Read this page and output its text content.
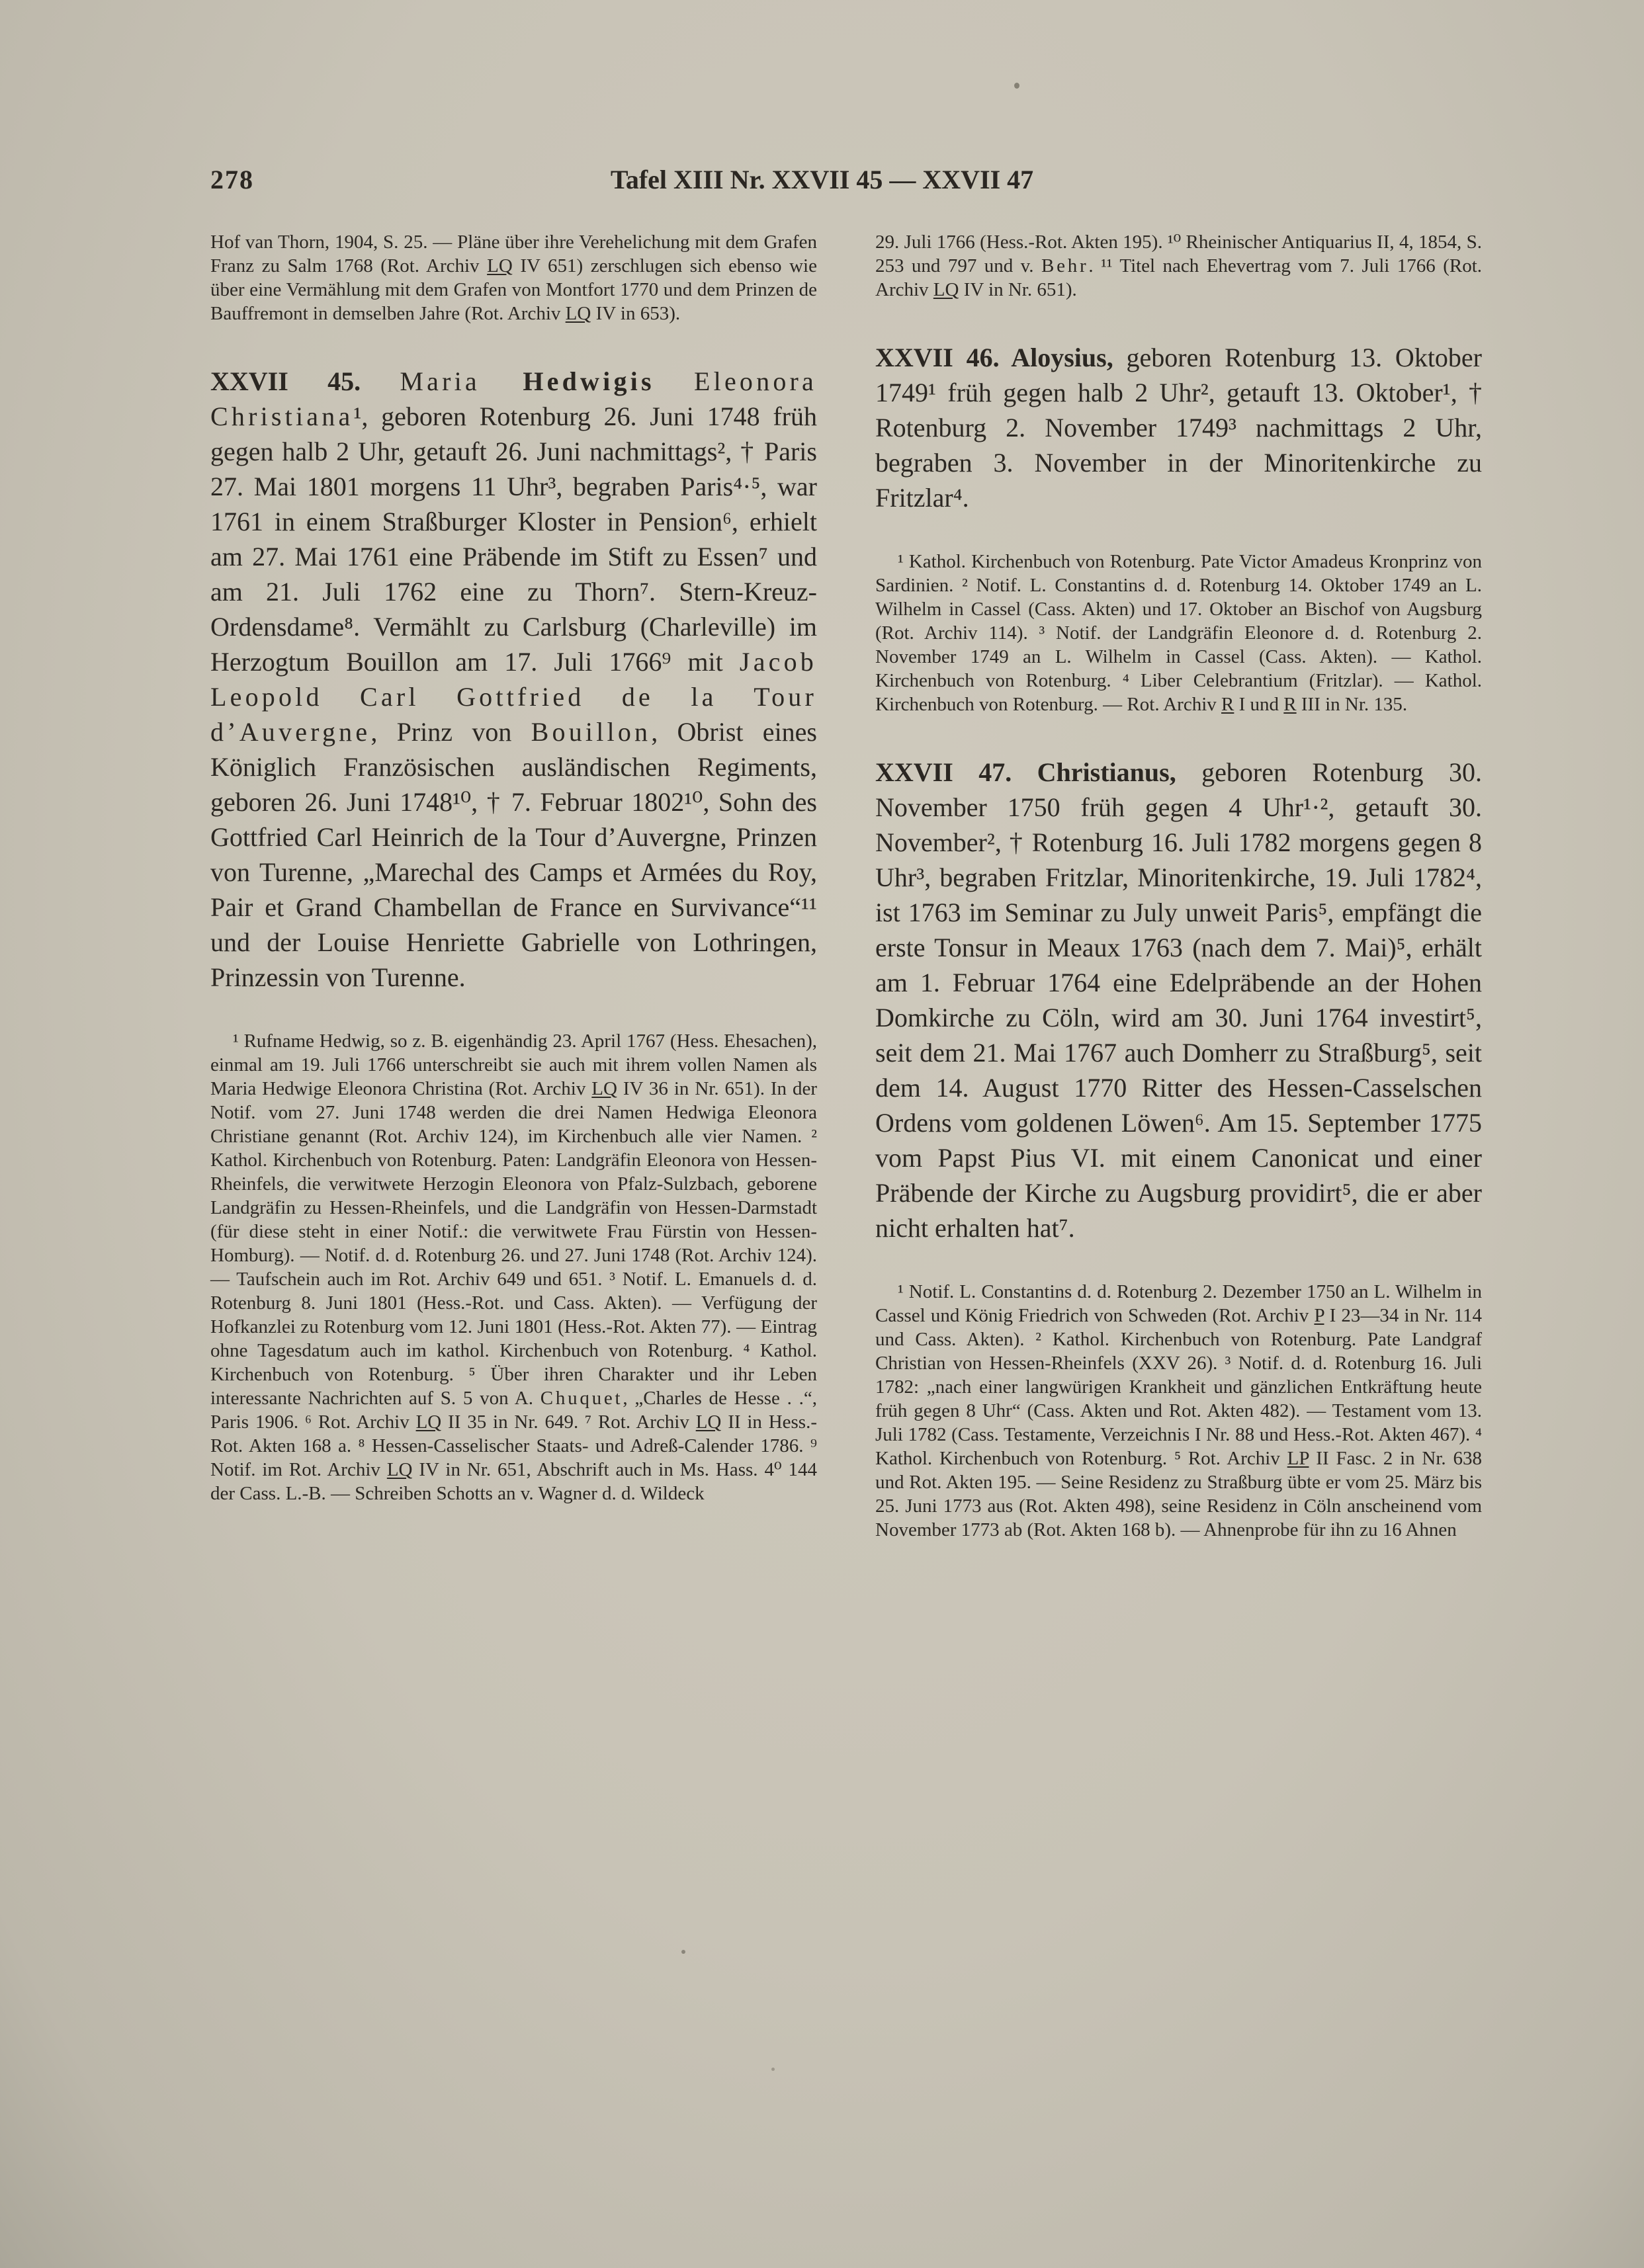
278	Tafel XIII Nr. XXVII 45 — XXVII 47

Hof van Thorn, 1904, S. 25. — Pläne über ihre Verehelichung mit dem Grafen Franz zu Salm 1768 (Rot. Archiv LQ IV 651) zerschlugen sich ebenso wie über eine Vermählung mit dem Grafen von Montfort 1770 und dem Prinzen de Bauffremont in demselben Jahre (Rot. Archiv LQ IV in 653).

XXVII 45. Maria Hedwigis Eleonora Christiana¹, geboren Rotenburg 26. Juni 1748 früh gegen halb 2 Uhr, getauft 26. Juni nachmittags², † Paris 27. Mai 1801 morgens 11 Uhr³, begraben Paris⁴·⁵, war 1761 in einem Straßburger Kloster in Pension⁶, erhielt am 27. Mai 1761 eine Präbende im Stift zu Essen⁷ und am 21. Juli 1762 eine zu Thorn⁷. Stern-Kreuz-Ordensdame⁸. Vermählt zu Carlsburg (Charleville) im Herzogtum Bouillon am 17. Juli 1766⁹ mit Jacob Leopold Carl Gottfried de la Tour d’Auvergne, Prinz von Bouillon, Obrist eines Königlich Französischen ausländischen Regiments, geboren 26. Juni 1748¹⁰, † 7. Februar 1802¹⁰, Sohn des Gottfried Carl Heinrich de la Tour d’Auvergne, Prinzen von Turenne, „Marechal des Camps et Armées du Roy, Pair et Grand Chambellan de France en Survivance“¹¹ und der Louise Henriette Gabrielle von Lothringen, Prinzessin von Turenne.

¹ Rufname Hedwig, so z. B. eigenhändig 23. April 1767 (Hess. Ehesachen), einmal am 19. Juli 1766 unterschreibt sie auch mit ihrem vollen Namen als Maria Hedwige Eleonora Christina (Rot. Archiv LQ IV 36 in Nr. 651). In der Notif. vom 27. Juni 1748 werden die drei Namen Hedwiga Eleonora Christiane genannt (Rot. Archiv 124), im Kirchenbuch alle vier Namen. ² Kathol. Kirchenbuch von Rotenburg. Paten: Landgräfin Eleonora von Hessen-Rheinfels, die verwitwete Herzogin Eleonora von Pfalz-Sulzbach, geborene Landgräfin zu Hessen-Rheinfels, und die Landgräfin von Hessen-Darmstadt (für diese steht in einer Notif.: die verwitwete Frau Fürstin von Hessen-Homburg). — Notif. d. d. Rotenburg 26. und 27. Juni 1748 (Rot. Archiv 124). — Taufschein auch im Rot. Archiv 649 und 651. ³ Notif. L. Emanuels d. d. Rotenburg 8. Juni 1801 (Hess.-Rot. und Cass. Akten). — Verfügung der Hofkanzlei zu Rotenburg vom 12. Juni 1801 (Hess.-Rot. Akten 77). — Eintrag ohne Tagesdatum auch im kathol. Kirchenbuch von Rotenburg. ⁴ Kathol. Kirchenbuch von Rotenburg. ⁵ Über ihren Charakter und ihr Leben interessante Nachrichten auf S. 5 von A. Chuquet, „Charles de Hesse . .“, Paris 1906. ⁶ Rot. Archiv LQ II 35 in Nr. 649. ⁷ Rot. Archiv LQ II in Hess.-Rot. Akten 168 a. ⁸ Hessen-Casselischer Staats- und Adreß-Calender 1786. ⁹ Notif. im Rot. Archiv LQ IV in Nr. 651, Abschrift auch in Ms. Hass. 4⁰ 144 der Cass. L.-B. — Schreiben Schotts an v. Wagner d. d. Wildeck

29. Juli 1766 (Hess.-Rot. Akten 195). ¹⁰ Rheinischer Antiquarius II, 4, 1854, S. 253 und 797 und v. Behr. ¹¹ Titel nach Ehevertrag vom 7. Juli 1766 (Rot. Archiv LQ IV in Nr. 651).

XXVII 46. Aloysius, geboren Rotenburg 13. Oktober 1749¹ früh gegen halb 2 Uhr², getauft 13. Oktober¹, † Rotenburg 2. November 1749³ nachmittags 2 Uhr, begraben 3. November in der Minoritenkirche zu Fritzlar⁴.

¹ Kathol. Kirchenbuch von Rotenburg. Pate Victor Amadeus Kronprinz von Sardinien. ² Notif. L. Constantins d. d. Rotenburg 14. Oktober 1749 an L. Wilhelm in Cassel (Cass. Akten) und 17. Oktober an Bischof von Augsburg (Rot. Archiv 114). ³ Notif. der Landgräfin Eleonore d. d. Rotenburg 2. November 1749 an L. Wilhelm in Cassel (Cass. Akten). — Kathol. Kirchenbuch von Rotenburg. ⁴ Liber Celebrantium (Fritzlar). — Kathol. Kirchenbuch von Rotenburg. — Rot. Archiv R I und R III in Nr. 135.

XXVII 47. Christianus, geboren Rotenburg 30. November 1750 früh gegen 4 Uhr¹·², getauft 30. November², † Rotenburg 16. Juli 1782 morgens gegen 8 Uhr³, begraben Fritzlar, Minoritenkirche, 19. Juli 1782⁴, ist 1763 im Seminar zu July unweit Paris⁵, empfängt die erste Tonsur in Meaux 1763 (nach dem 7. Mai)⁵, erhält am 1. Februar 1764 eine Edelpräbende an der Hohen Domkirche zu Cöln, wird am 30. Juni 1764 investirt⁵, seit dem 21. Mai 1767 auch Domherr zu Straßburg⁵, seit dem 14. August 1770 Ritter des Hessen-Casselschen Ordens vom goldenen Löwen⁶. Am 15. September 1775 vom Papst Pius VI. mit einem Canonicat und einer Präbende der Kirche zu Augsburg providirt⁵, die er aber nicht erhalten hat⁷.

¹ Notif. L. Constantins d. d. Rotenburg 2. Dezember 1750 an L. Wilhelm in Cassel und König Friedrich von Schweden (Rot. Archiv P I 23—34 in Nr. 114 und Cass. Akten). ² Kathol. Kirchenbuch von Rotenburg. Pate Landgraf Christian von Hessen-Rheinfels (XXV 26). ³ Notif. d. d. Rotenburg 16. Juli 1782: „nach einer langwürigen Krankheit und gänzlichen Entkräftung heute früh gegen 8 Uhr“ (Cass. Akten und Rot. Akten 482). — Testament vom 13. Juli 1782 (Cass. Testamente, Verzeichnis I Nr. 88 und Hess.-Rot. Akten 467). ⁴ Kathol. Kirchenbuch von Rotenburg. ⁵ Rot. Archiv LP II Fasc. 2 in Nr. 638 und Rot. Akten 195. — Seine Residenz zu Straßburg übte er vom 25. März bis 25. Juni 1773 aus (Rot. Akten 498), seine Residenz in Cöln anscheinend vom November 1773 ab (Rot. Akten 168 b). — Ahnenprobe für ihn zu 16 Ahnen
